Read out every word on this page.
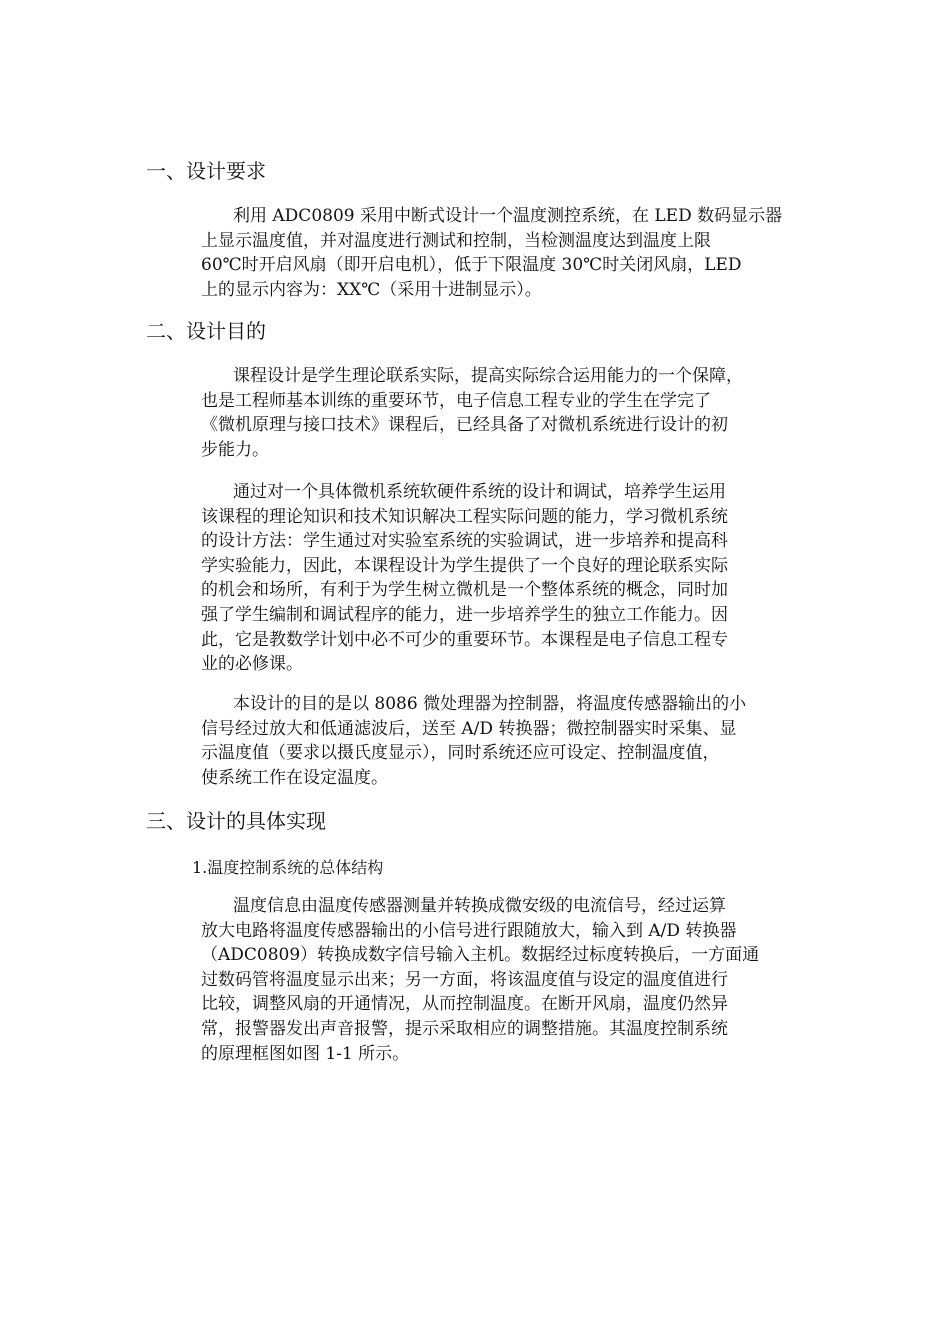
一、设计要求
利用 ADC0809 采用中断式设计一个温度测控系统，在 LED 数码显示器
上显示温度值，并对温度进行测试和控制，当检测温度达到温度上限
60℃时开启风扇（即开启电机），低于下限温度 30℃时关闭风扇，LED
上的显示内容为：XX℃（采用十进制显示）。
二、设计目的
课程设计是学生理论联系实际，提高实际综合运用能力的一个保障，
也是工程师基本训练的重要环节，电子信息工程专业的学生在学完了
《微机原理与接口技术》课程后，已经具备了对微机系统进行设计的初
步能力。
通过对一个具体微机系统软硬件系统的设计和调试，培养学生运用
该课程的理论知识和技术知识解决工程实际问题的能力，学习微机系统
的设计方法：学生通过对实验室系统的实验调试，进一步培养和提高科
学实验能力，因此，本课程设计为学生提供了一个良好的理论联系实际
的机会和场所，有利于为学生树立微机是一个整体系统的概念，同时加
强了学生编制和调试程序的能力，进一步培养学生的独立工作能力。因
此，它是教数学计划中必不可少的重要环节。本课程是电子信息工程专
业的必修课。
本设计的目的是以 8086 微处理器为控制器，将温度传感器输出的小
信号经过放大和低通滤波后，送至 A/D 转换器；微控制器实时采集、显
示温度值（要求以摄氏度显示），同时系统还应可设定、控制温度值，
使系统工作在设定温度。
三、设计的具体实现
1.温度控制系统的总体结构
温度信息由温度传感器测量并转换成微安级的电流信号，经过运算
放大电路将温度传感器输出的小信号进行跟随放大，输入到 A/D 转换器
（ADC0809）转换成数字信号输入主机。数据经过标度转换后，一方面通
过数码管将温度显示出来；另一方面，将该温度值与设定的温度值进行
比较，调整风扇的开通情况，从而控制温度。在断开风扇，温度仍然异
常，报警器发出声音报警，提示采取相应的调整措施。其温度控制系统
的原理框图如图 1-1 所示。
